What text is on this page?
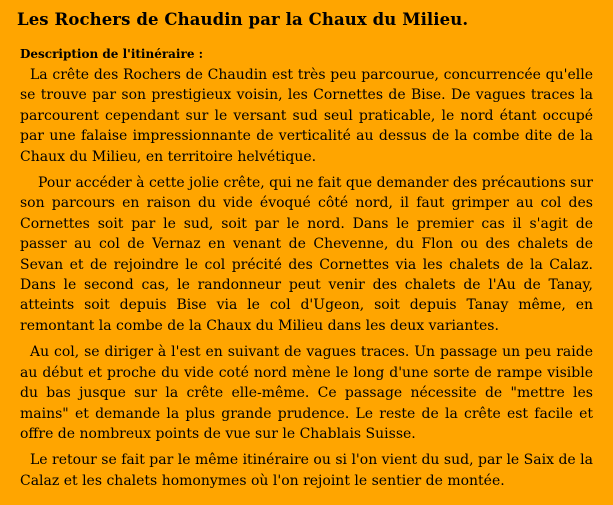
Les Rochers de Chaudin par la Chaux du Milieu.
Description de l'itinéraire :

La crête des Rochers de Chaudin est très peu parcourue, concurrencée qu'elle se trouve par son prestigieux voisin, les Cornettes de Bise. De vagues traces la parcourent cependant sur le versant sud seul praticable, le nord étant occupé par une falaise impressionnante de verticalité au dessus de la combe dite de la Chaux du Milieu, en territoire helvétique.

Pour accéder à cette jolie crête, qui ne fait que demander des précautions sur son parcours en raison du vide évoqué côté nord, il faut grimper au col des Cornettes soit par le sud, soit par le nord. Dans le premier cas il s'agit de passer au col de Vernaz en venant de Chevenne, du Flon ou des chalets de Sevan et de rejoindre le col précité des Cornettes via les chalets de la Calaz. Dans le second cas, le randonneur peut venir des chalets de l'Au de Tanay, atteints soit depuis Bise via le col d'Ugeon, soit depuis Tanay même, en remontant la combe de la Chaux du Milieu dans les deux variantes.

Au col, se diriger à l'est en suivant de vagues traces. Un passage un peu raide au début et proche du vide coté nord mène le long d'une sorte de rampe visible du bas jusque sur la crête elle-même. Ce passage nécessite de "mettre les mains" et demande la plus grande prudence. Le reste de la crête est facile et offre de nombreux points de vue sur le Chablais Suisse.

Le retour se fait par le même itinéraire ou si l'on vient du sud, par le Saix de la Calaz et les chalets homonymes où l'on rejoint le sentier de montée.
